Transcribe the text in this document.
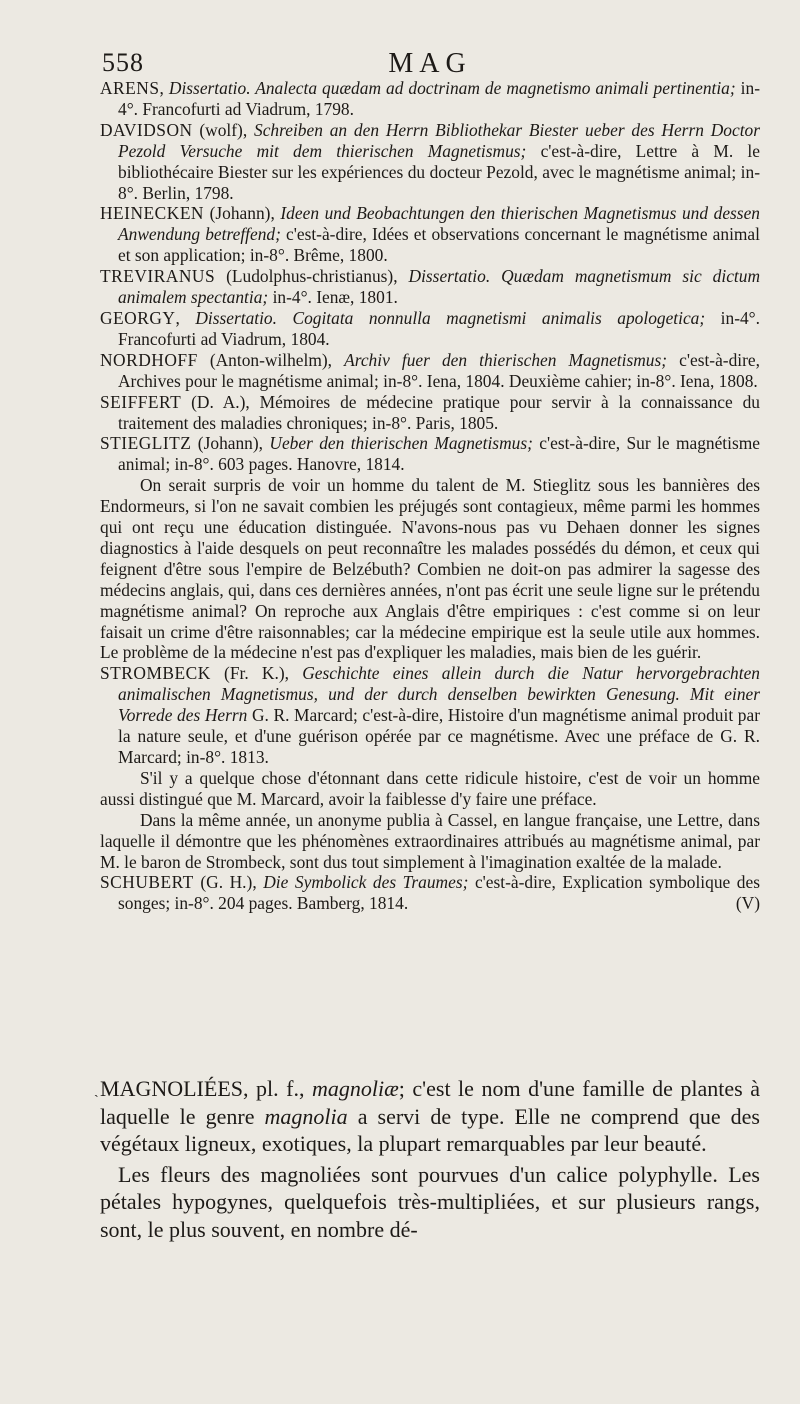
558	MAG
ARENS, Dissertatio. Analecta quædam ad doctrinam de magnetismo animali pertinentia; in-4°. Francofurti ad Viadrum, 1798.
DAVIDSON (wolf), Schreiben an den Herrn Bibliothekar Biester ueber des Herrn Doctor Pezold Versuche mit dem thierischen Magnetismus; c'est-à-dire, Lettre à M. le bibliothécaire Biester sur les expériences du docteur Pezold, avec le magnétisme animal; in-8°. Berlin, 1798.
HEINECKEN (Johann), Ideen und Beobachtungen den thierischen Magnetismus und dessen Anwendung betreffend; c'est-à-dire, Idées et observations concernant le magnétisme animal et son application; in-8°. Brême, 1800.
TREVIRANUS (Ludolphus-christianus), Dissertatio. Quædam magnetismum sic dictum animalem spectantia; in-4°. Ienæ, 1801.
GEORGY, Dissertatio. Cogitata nonnulla magnetismi animalis apologetica; in-4°. Francofurti ad Viadrum, 1804.
NORDHOFF (Anton-wilhelm), Archiv fuer den thierischen Magnetismus; c'est-à-dire, Archives pour le magnétisme animal; in-8°. Iena, 1804. Deuxième cahier; in-8°. Iena, 1808.
SEIFFERT (D. A.), Mémoires de médecine pratique pour servir à la connaissance du traitement des maladies chroniques; in-8°. Paris, 1805.
STIEGLITZ (Johann), Ueber den thierischen Magnetismus; c'est-à-dire, Sur le magnétisme animal; in-8°. 603 pages. Hanovre, 1814.
On serait surpris de voir un homme du talent de M. Stieglitz sous les bannières des Endormeurs, si l'on ne savait combien les préjugés sont contagieux, même parmi les hommes qui ont reçu une éducation distinguée. N'avons-nous pas vu Dehaen donner les signes diagnostics à l'aide desquels on peut reconnaître les malades possédés du démon, et ceux qui feignent d'être sous l'empire de Belzébuth? Combien ne doit-on pas admirer la sagesse des médecins anglais, qui, dans ces dernières années, n'ont pas écrit une seule ligne sur le prétendu magnétisme animal? On reproche aux Anglais d'être empiriques : c'est comme si on leur faisait un crime d'être raisonnables; car la médecine empirique est la seule utile aux hommes. Le problème de la médecine n'est pas d'expliquer les maladies, mais bien de les guérir.
STROMBECK (Fr. K.), Geschichte eines allein durch die Natur hervorgebrachten animalischen Magnetismus, und der durch denselben bewirkten Genesung. Mit einer Vorrede des Herrn G. R. Marcard; c'est-à-dire, Histoire d'un magnétisme animal produit par la nature seule, et d'une guérison opérée par ce magnétisme. Avec une préface de G. R. Marcard; in-8°. 1813.
S'il y a quelque chose d'étonnant dans cette ridicule histoire, c'est de voir un homme aussi distingué que M. Marcard, avoir la faiblesse d'y faire une préface.
Dans la même année, un anonyme publia à Cassel, en langue française, une Lettre, dans laquelle il démontre que les phénomènes extraordinaires attribués au magnétisme animal, par M. le baron de Strombeck, sont dus tout simplement à l'imagination exaltée de la malade.
SCHUBERT (G. H.), Die Symbolick des Traumes; c'est-à-dire, Explication symbolique des songes; in-8°. 204 pages. Bamberg, 1814.	(V)
ˎ MAGNOLIÉES, pl. f., magnoliæ; c'est le nom d'une famille de plantes à laquelle le genre magnolia a servi de type. Elle ne comprend que des végétaux ligneux, exotiques, la plupart remarquables par leur beauté.

Les fleurs des magnoliées sont pourvues d'un calice polyphylle. Les pétales hypogynes, quelquefois très-multipliées, et sur plusieurs rangs, sont, le plus souvent, en nombre dé-
